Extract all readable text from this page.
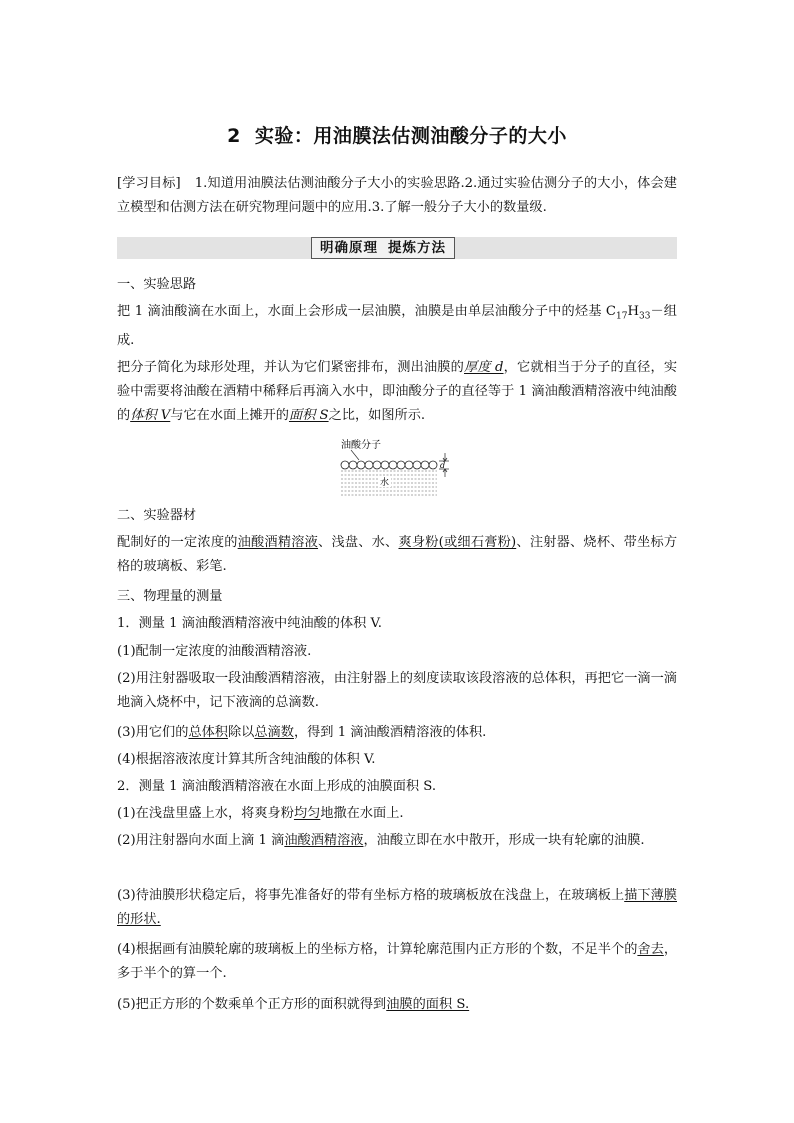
2 实验：用油膜法估测油酸分子的大小
[学习目标] 1.知道用油膜法估测油酸分子大小的实验思路.2.通过实验估测分子的大小，体会建立模型和估测方法在研究物理问题中的应用.3.了解一般分子大小的数量级.
明确原理 提炼方法

一、实验思路

把 1 滴油酸滴在水面上，水面上会形成一层油膜，油膜是由单层油酸分子中的烃基 $C_{17}H_{33}-$组成.

把分子简化为球形处理，并认为它们紧密排布，测出油膜的厚度 d，它就相当于分子的直径，实验中需要将油酸在酒精中稀释后再滴入水中，即油酸分子的直径等于 1 滴油酸酒精溶液中纯油酸的体积 V与它在水面上摊开的面积 S之比，如图所示.

油酸分子
水
d

二、实验器材

配制好的一定浓度的油酸酒精溶液、浅盘、水、爽身粉(或细石膏粉)、注射器、烧杯、带坐标方格的玻璃板、彩笔.

三、物理量的测量

1．测量 1 滴油酸酒精溶液中纯油酸的体积 V.

(1)配制一定浓度的油酸酒精溶液.

(2)用注射器吸取一段油酸酒精溶液，由注射器上的刻度读取该段溶液的总体积，再把它一滴一滴地滴入烧杯中，记下液滴的总滴数.

(3)用它们的总体积除以总滴数，得到 1 滴油酸酒精溶液的体积.

(4)根据溶液浓度计算其所含纯油酸的体积 V.

2．测量 1 滴油酸酒精溶液在水面上形成的油膜面积 S.

(1)在浅盘里盛上水，将爽身粉均匀地撒在水面上.

(2)用注射器向水面上滴 1 滴油酸酒精溶液，油酸立即在水中散开，形成一块有轮廓的油膜.

(3)待油膜形状稳定后，将事先准备好的带有坐标方格的玻璃板放在浅盘上，在玻璃板上描下薄膜的形状.

(4)根据画有油膜轮廓的玻璃板上的坐标方格，计算轮廓范围内正方形的个数，不足半个的舍去，多于半个的算一个.

(5)把正方形的个数乘单个正方形的面积就得到油膜的面积 S.
